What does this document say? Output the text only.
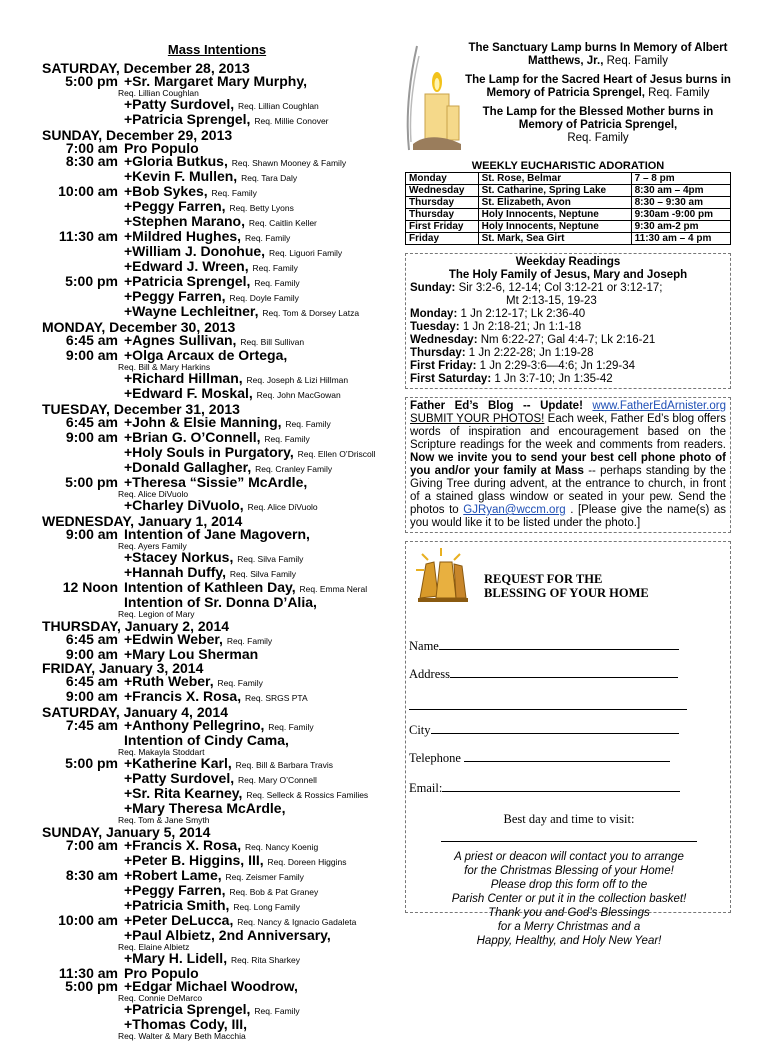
Mass Intentions
SATURDAY, December 28, 2013
5:00 pm +Sr. Margaret Mary Murphy,
Req. Lillian Coughlan
+Patty Surdovel, Req. Lillian Coughlan
+Patricia Sprengel, Req. Millie Conover
SUNDAY, December 29, 2013
7:00 am Pro Populo
8:30 am +Gloria Butkus, Req. Shawn Mooney & Family
+Kevin F. Mullen, Req. Tara Daly
10:00 am +Bob Sykes, Req. Family
+Peggy Farren, Req. Betty Lyons
+Stephen Marano, Req. Caitlin Keller
11:30 am +Mildred Hughes, Req. Family
+William J. Donohue, Req. Liguori Family
+Edward J. Wreen, Req. Family
5:00 pm +Patricia Sprengel, Req. Family
+Peggy Farren, Req. Doyle Family
+Wayne Lechleitner, Req. Tom & Dorsey Latza
MONDAY, December 30, 2013
6:45 am +Agnes Sullivan, Req. Bill Sullivan
9:00 am +Olga Arcaux de Ortega,
Req. Bill & Mary Harkins
+Richard Hillman, Req. Joseph & Lizi Hillman
+Edward F. Moskal, Req. John MacGowan
TUESDAY, December 31, 2013
6:45 am +John & Elsie Manning, Req. Family
9:00 am +Brian G. O’Connell, Req. Family
+Holy Souls in Purgatory, Req. Ellen O’Driscoll
+Donald Gallagher, Req. Cranley Family
5:00 pm +Theresa “Sissie” McArdle,
Req. Alice DiVuolo
+Charley DiVuolo, Req. Alice DiVuolo
WEDNESDAY, January 1, 2014
9:00 am Intention of Jane Magovern,
Req. Ayers Family
+Stacey Norkus, Req. Silva Family
+Hannah Duffy, Req. Silva Family
12 Noon Intention of Kathleen Day, Req. Emma Neral
Intention of Sr. Donna D’Alia,
Req. Legion of Mary
THURSDAY, January 2, 2014
6:45 am +Edwin Weber, Req. Family
9:00 am +Mary Lou Sherman
FRIDAY, January 3, 2014
6:45 am +Ruth Weber, Req. Family
9:00 am +Francis X. Rosa, Req. SRGS PTA
SATURDAY, January 4, 2014
7:45 am +Anthony Pellegrino, Req. Family
Intention of Cindy Cama,
Req. Makayla Stoddart
5:00 pm +Katherine Karl, Req. Bill & Barbara Travis
+Patty Surdovel, Req. Mary O’Connell
+Sr. Rita Kearney, Req. Selleck & Rossics Families
+Mary Theresa McArdle,
Req. Tom & Jane Smyth
SUNDAY, January 5, 2014
7:00 am +Francis X. Rosa, Req. Nancy Koenig
+Peter B. Higgins, III, Req. Doreen Higgins
8:30 am +Robert Lame, Req. Zeismer Family
+Peggy Farren, Req. Bob & Pat Graney
+Patricia Smith, Req. Long Family
10:00 am +Peter DeLucca, Req. Nancy & Ignacio Gadaleta
+Paul Albietz, 2nd Anniversary,
Req. Elaine Albietz
+Mary H. Lidell, Req. Rita Sharkey
11:30 am Pro Populo
5:00 pm +Edgar Michael Woodrow,
Req. Connie DeMarco
+Patricia Sprengel, Req. Family
+Thomas Cody, III,
Req. Walter & Mary Beth Macchia

The Sanctuary Lamp burns In Memory of Albert Matthews, Jr., Req. Family

The Lamp for the Sacred Heart of Jesus burns in Memory of Patricia Sprengel, Req. Family

The Lamp for the Blessed Mother burns in Memory of Patricia Sprengel,
Req. Family

WEEKLY EUCHARISTIC ADORATION
Monday	St. Rose, Belmar	7 – 8 pm
Wednesday	St. Catharine, Spring Lake	8:30 am – 4pm
Thursday	St. Elizabeth, Avon	8:30 – 9:30 am
Thursday	Holy Innocents, Neptune	9:30am -9:00 pm
First Friday	Holy Innocents, Neptune	9:30 am-2 pm
Friday	St. Mark, Sea Girt	11:30 am – 4 pm
Weekday Readings
The Holy Family of Jesus, Mary and Joseph
Sunday: Sir 3:2-6, 12-14; Col 3:12-21 or 3:12-17;
Mt 2:13-15, 19-23
Monday: 1 Jn 2:12-17; Lk 2:36-40
Tuesday: 1 Jn 2:18-21; Jn 1:1-18
Wednesday: Nm 6:22-27; Gal 4:4-7; Lk 2:16-21
Thursday: 1 Jn 2:22-28; Jn 1:19-28
First Friday: 1 Jn 2:29-3:6—4:6; Jn 1:29-34
First Saturday: 1 Jn 3:7-10; Jn 1:35-42
Father Ed’s Blog -- Update! www.FatherEdArnister.org SUBMIT YOUR PHOTOS! Each week, Father Ed’s blog offers words of inspiration and encouragement based on the Scripture readings for the week and comments from readers. Now we invite you to send your best cell phone photo of you and/or your family at Mass -- perhaps standing by the Giving Tree during advent, at the entrance to church, in front of a stained glass window or seated in your pew. Send the photos to GJRyan@wccm.org . [Please give the name(s) as you would like it to be listed under the photo.]
REQUEST FOR THE
BLESSING OF YOUR HOME
Name
Address
City
Telephone
Email:
Best day and time to visit:
A priest or deacon will contact you to arrange
for the Christmas Blessing of your Home!
Please drop this form off to the
Parish Center or put it in the collection basket!
Thank you and God’s Blessings
for a Merry Christmas and a
Happy, Healthy, and Holy New Year!
